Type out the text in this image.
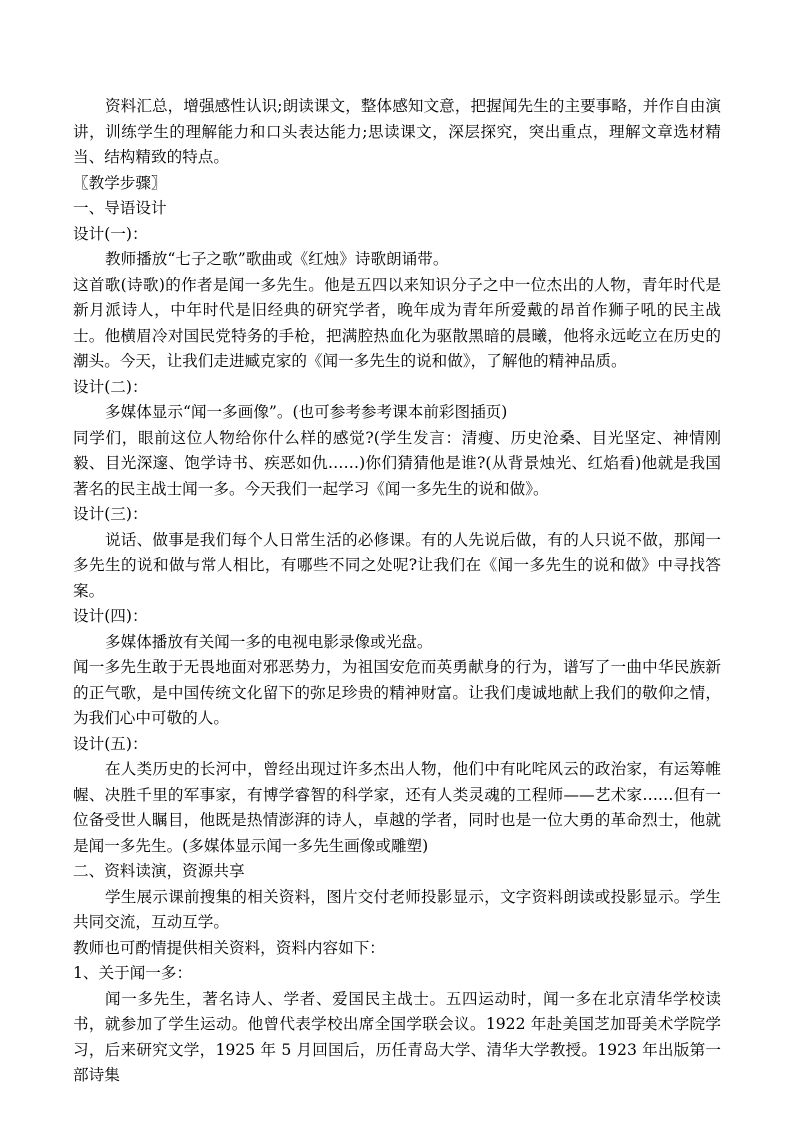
资料汇总，增强感性认识;朗读课文，整体感知文意，把握闻先生的主要事略，并作自由演讲，训练学生的理解能力和口头表达能力;思读课文，深层探究，突出重点，理解文章选材精当、结构精致的特点。

〖教学步骤〗

一、导语设计

设计(一)：

教师播放“七子之歌”歌曲或《红烛》诗歌朗诵带。

这首歌(诗歌)的作者是闻一多先生。他是五四以来知识分子之中一位杰出的人物，青年时代是新月派诗人，中年时代是旧经典的研究学者，晚年成为青年所爱戴的昂首作狮子吼的民主战士。他横眉冷对国民党特务的手枪，把满腔热血化为驱散黑暗的晨曦，他将永远屹立在历史的潮头。今天，让我们走进臧克家的《闻一多先生的说和做》，了解他的精神品质。

设计(二)：

多媒体显示“闻一多画像”。(也可参考参考课本前彩图插页)

同学们，眼前这位人物给你什么样的感觉?(学生发言：清瘦、历史沧桑、目光坚定、神情刚毅、目光深邃、饱学诗书、疾恶如仇……)你们猜猜他是谁?(从背景烛光、红焰看)他就是我国著名的民主战士闻一多。今天我们一起学习《闻一多先生的说和做》。

设计(三)：

说话、做事是我们每个人日常生活的必修课。有的人先说后做，有的人只说不做，那闻一多先生的说和做与常人相比，有哪些不同之处呢?让我们在《闻一多先生的说和做》中寻找答案。

设计(四)：

多媒体播放有关闻一多的电视电影录像或光盘。

闻一多先生敢于无畏地面对邪恶势力，为祖国安危而英勇献身的行为，谱写了一曲中华民族新的正气歌，是中国传统文化留下的弥足珍贵的精神财富。让我们虔诚地献上我们的敬仰之情，为我们心中可敬的人。

设计(五)：

在人类历史的长河中，曾经出现过许多杰出人物，他们中有叱咤风云的政治家，有运筹帷幄、决胜千里的军事家，有博学睿智的科学家，还有人类灵魂的工程师——艺术家……但有一位备受世人瞩目，他既是热情澎湃的诗人，卓越的学者，同时也是一位大勇的革命烈士，他就是闻一多先生。(多媒体显示闻一多先生画像或雕塑)

二、资料读演，资源共享

学生展示课前搜集的相关资料，图片交付老师投影显示，文字资料朗读或投影显示。学生共同交流，互动互学。

教师也可酌情提供相关资料，资料内容如下：

1、关于闻一多：

闻一多先生，著名诗人、学者、爱国民主战士。五四运动时，闻一多在北京清华学校读书，就参加了学生运动。他曾代表学校出席全国学联会议。1922 年赴美国芝加哥美术学院学习，后来研究文学，1925 年 5 月回国后，历任青岛大学、清华大学教授。1923 年出版第一部诗集
